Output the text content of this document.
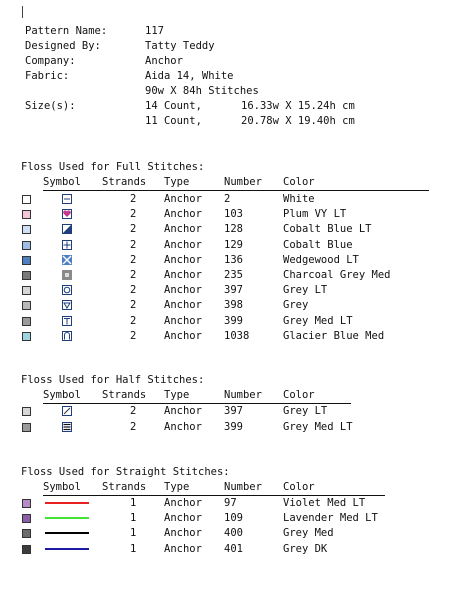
Pattern Name:	117
Designed By:	Tatty Teddy
Company:	Anchor
Fabric:	Aida 14, White
90w X 84h Stitches
Size(s):	14 Count,	16.33w X 15.24h cm
11 Count,	20.78w X 19.40h cm
Floss Used for Full Stitches:
Symbol Strands Type	Number Color
2	Anchor 2	White
2	Anchor 103	Plum VY LT
2	Anchor 128	Cobalt Blue LT
2	Anchor 129	Cobalt Blue
2	Anchor 136	Wedgewood LT
2	Anchor 235	Charcoal Grey Med
2	Anchor 397	Grey LT
2	Anchor 398	Grey
2	Anchor 399	Grey Med LT
2	Anchor 1038	Glacier Blue Med
Floss Used for Half Stitches:
Symbol Strands Type	Number Color
2	Anchor 397	Grey LT
2	Anchor 399	Grey Med LT
Floss Used for Straight Stitches:
Symbol Strands Type	Number Color
1	Anchor 97	Violet Med LT
1	Anchor 109	Lavender Med LT
1	Anchor 400	Grey Med
1	Anchor 401	Grey DK
